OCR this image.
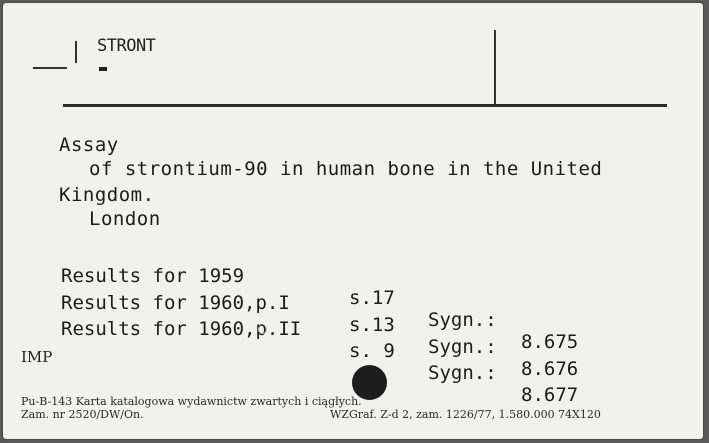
STRONT
Assay
of strontium-90 in human bone in the United
Kingdom.
London

Results for 1959

s.17

Sygn.:

8.675

Results for 1960,p.I

s.13

Sygn.:

8.676

Results for 1960,p.II

s. 9

Sygn.:

8.677

IMP
Pu-B-143 Karta katalogowa wydawnictw zwartych i ciągłych.
Zam. nr 2520/DW/On.	WZGraf. Z-d 2, zam. 1226/77, 1.580.000 74X120
